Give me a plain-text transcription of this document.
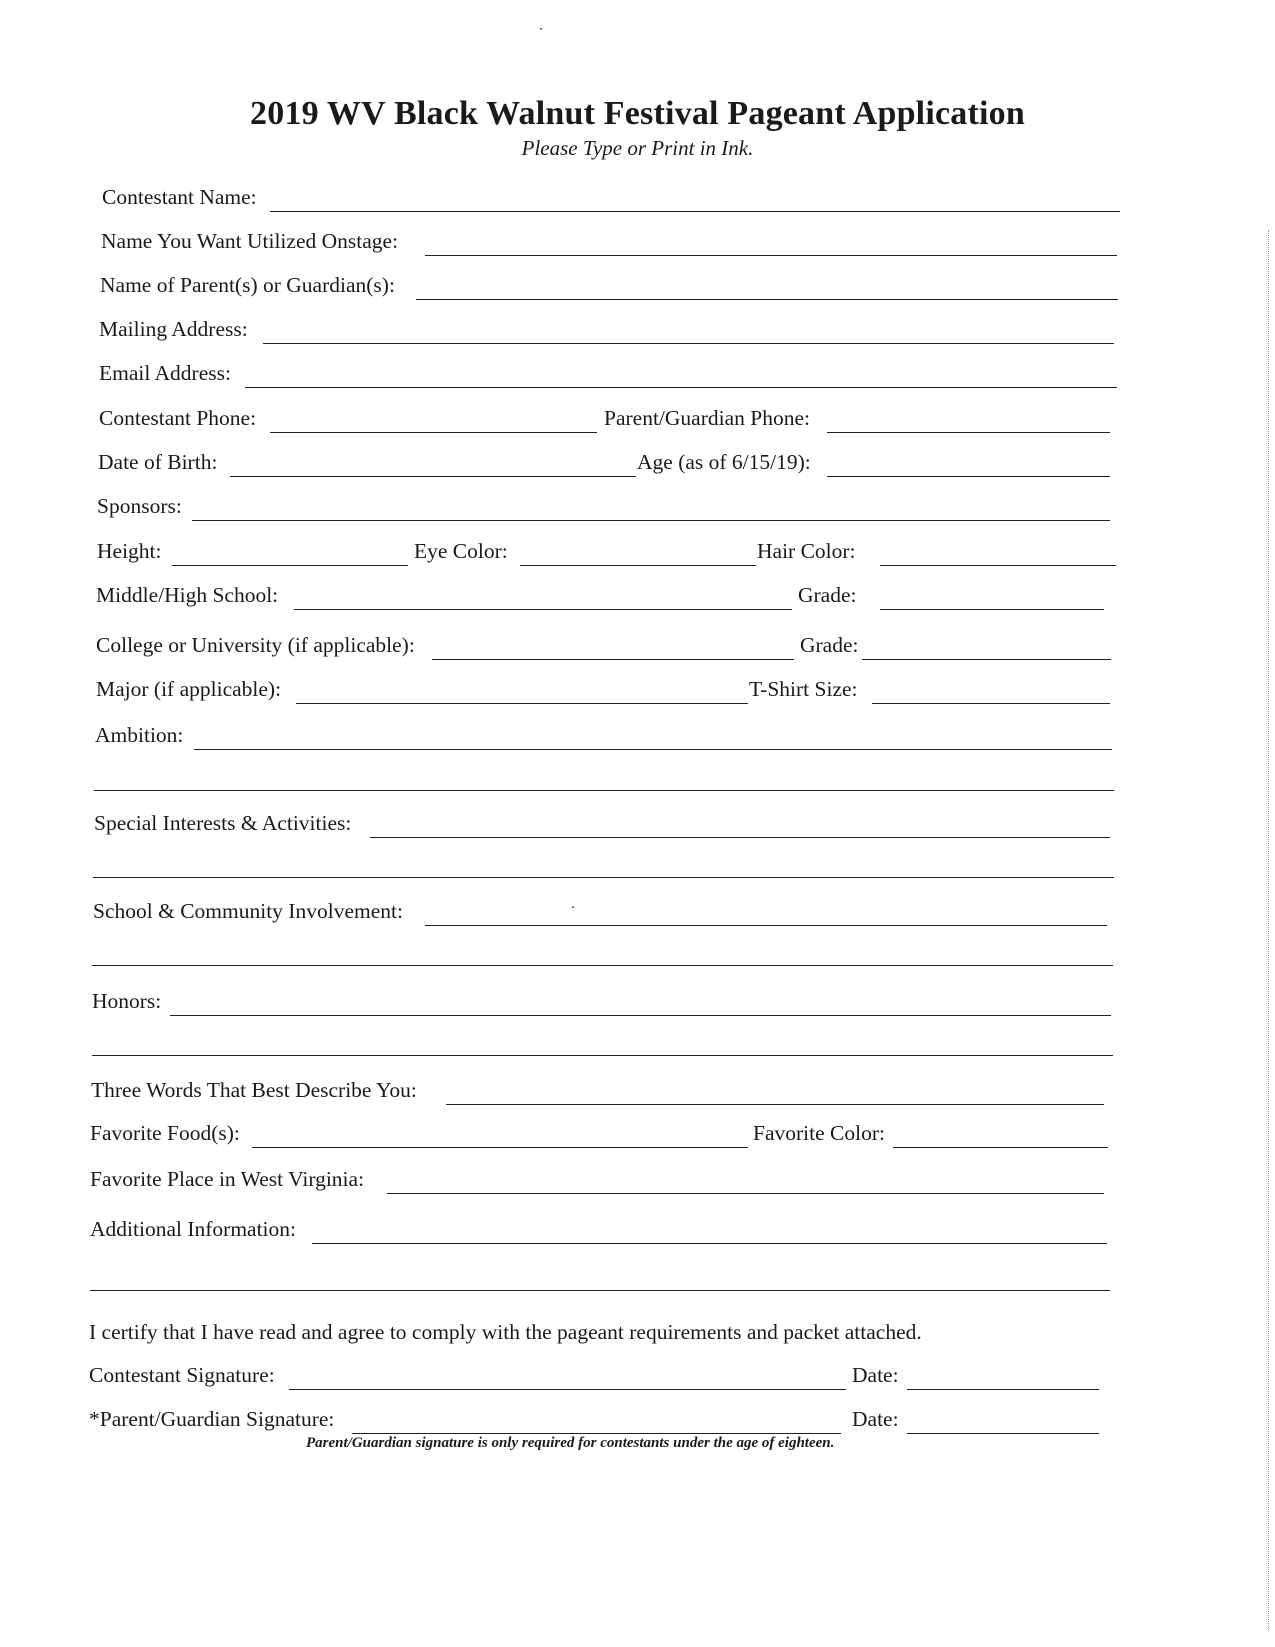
2019 WV Black Walnut Festival Pageant Application
Please Type or Print in Ink.
Contestant Name:
Name You Want Utilized Onstage:
Name of Parent(s) or Guardian(s):
Mailing Address:
Email Address:
Contestant Phone:	Parent/Guardian Phone:
Date of Birth:	Age (as of 6/15/19):
Sponsors:
Height:	Eye Color:	Hair Color:
Middle/High School:	Grade:
College or University (if applicable):	Grade:
Major (if applicable):	T-Shirt Size:
Ambition:
Special Interests & Activities:
School & Community Involvement:
Honors:
Three Words That Best Describe You:
Favorite Food(s):	Favorite Color:
Favorite Place in West Virginia:
Additional Information:
I certify that I have read and agree to comply with the pageant requirements and packet attached.
Contestant Signature:	Date:
*Parent/Guardian Signature:	Date:
Parent/Guardian signature is only required for contestants under the age of eighteen.
